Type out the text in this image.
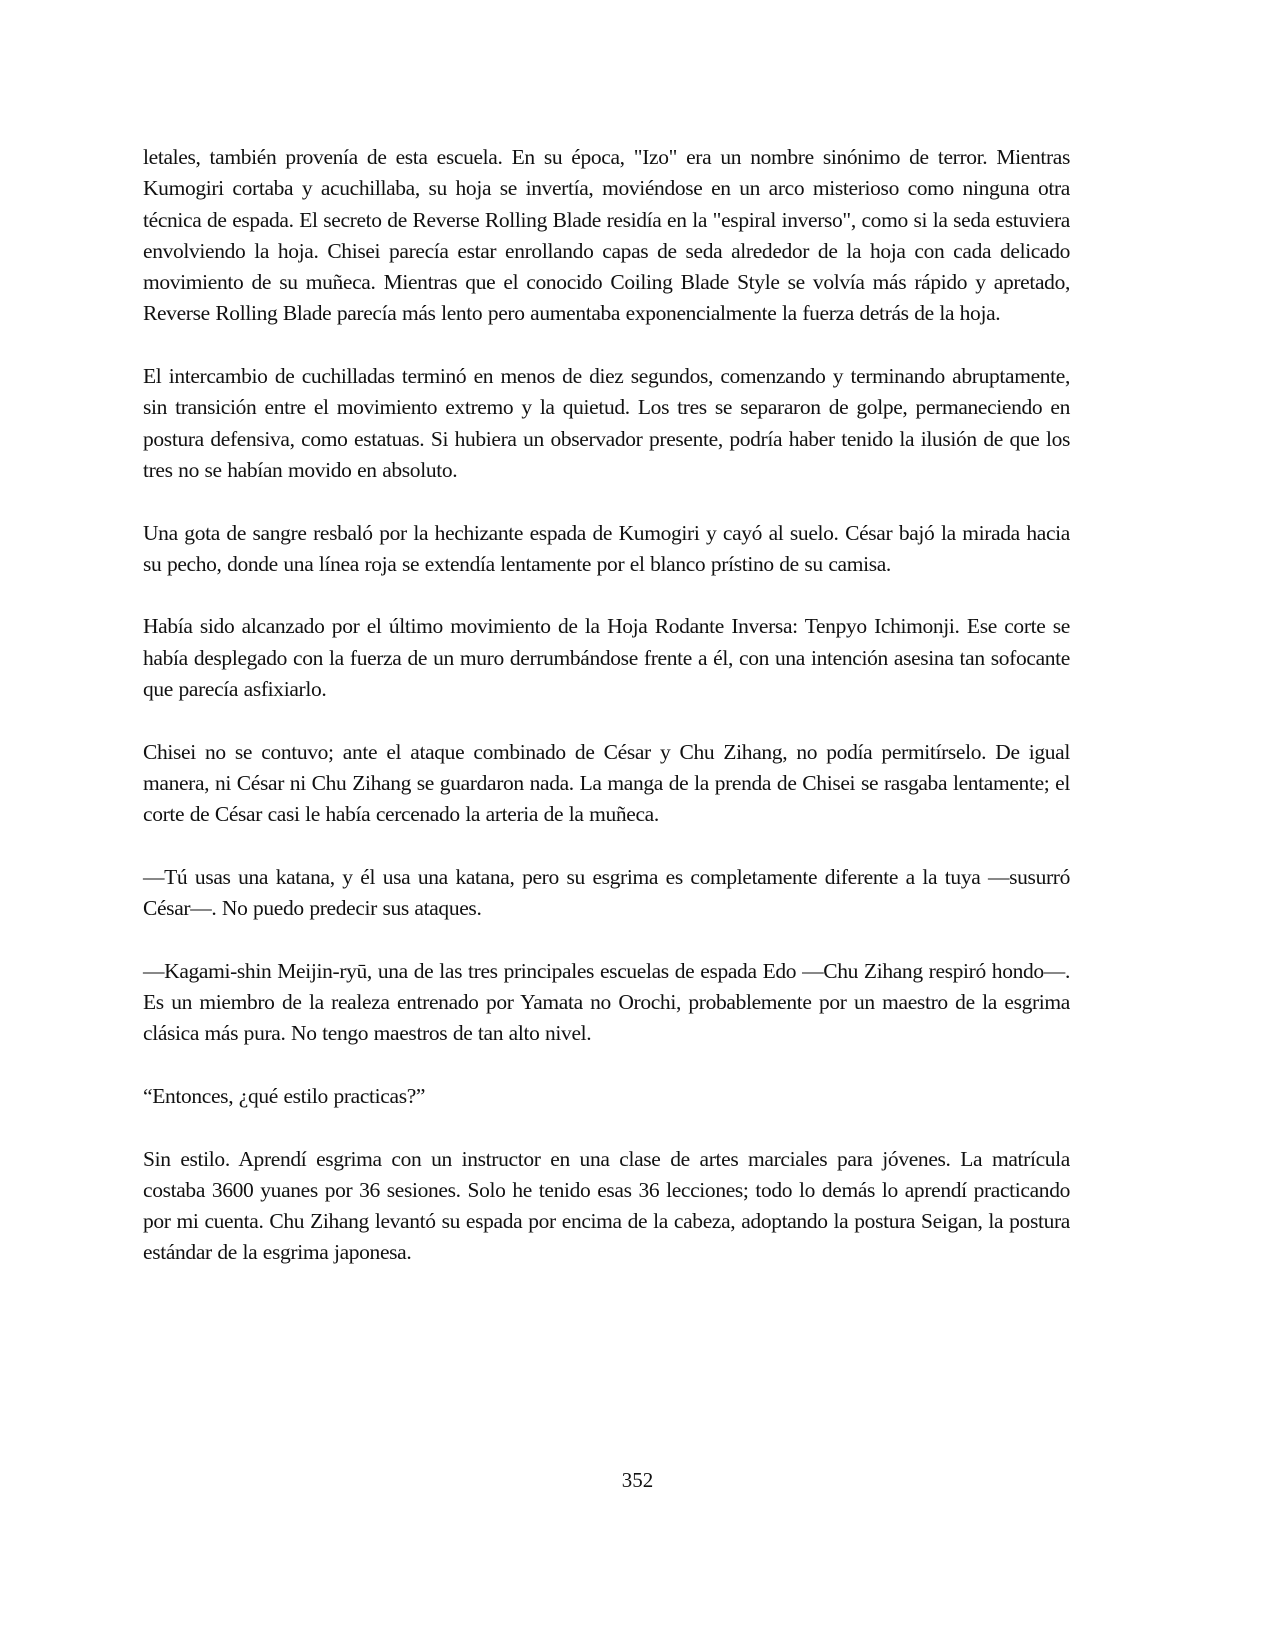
letales, también provenía de esta escuela. En su época, "Izo" era un nombre sinónimo de terror. Mientras Kumogiri cortaba y acuchillaba, su hoja se invertía, moviéndose en un arco misterioso como ninguna otra técnica de espada. El secreto de Reverse Rolling Blade residía en la "espiral inverso", como si la seda estuviera envolviendo la hoja. Chisei parecía estar enrollando capas de seda alrededor de la hoja con cada delicado movimiento de su muñeca. Mientras que el conocido Coiling Blade Style se volvía más rápido y apretado, Reverse Rolling Blade parecía más lento pero aumentaba exponencialmente la fuerza detrás de la hoja.

El intercambio de cuchilladas terminó en menos de diez segundos, comenzando y terminando abruptamente, sin transición entre el movimiento extremo y la quietud. Los tres se separaron de golpe, permaneciendo en postura defensiva, como estatuas. Si hubiera un observador presente, podría haber tenido la ilusión de que los tres no se habían movido en absoluto.

Una gota de sangre resbaló por la hechizante espada de Kumogiri y cayó al suelo. César bajó la mirada hacia su pecho, donde una línea roja se extendía lentamente por el blanco prístino de su camisa.

Había sido alcanzado por el último movimiento de la Hoja Rodante Inversa: Tenpyo Ichimonji. Ese corte se había desplegado con la fuerza de un muro derrumbándose frente a él, con una intención asesina tan sofocante que parecía asfixiarlo.

Chisei no se contuvo; ante el ataque combinado de César y Chu Zihang, no podía permitírselo. De igual manera, ni César ni Chu Zihang se guardaron nada. La manga de la prenda de Chisei se rasgaba lentamente; el corte de César casi le había cercenado la arteria de la muñeca.

—Tú usas una katana, y él usa una katana, pero su esgrima es completamente diferente a la tuya —susurró César—. No puedo predecir sus ataques.

—Kagami-shin Meijin-ryū, una de las tres principales escuelas de espada Edo —Chu Zihang respiró hondo—. Es un miembro de la realeza entrenado por Yamata no Orochi, probablemente por un maestro de la esgrima clásica más pura. No tengo maestros de tan alto nivel.

“Entonces, ¿qué estilo practicas?”

Sin estilo. Aprendí esgrima con un instructor en una clase de artes marciales para jóvenes. La matrícula costaba 3600 yuanes por 36 sesiones. Solo he tenido esas 36 lecciones; todo lo demás lo aprendí practicando por mi cuenta. Chu Zihang levantó su espada por encima de la cabeza, adoptando la postura Seigan, la postura estándar de la esgrima japonesa.

352
